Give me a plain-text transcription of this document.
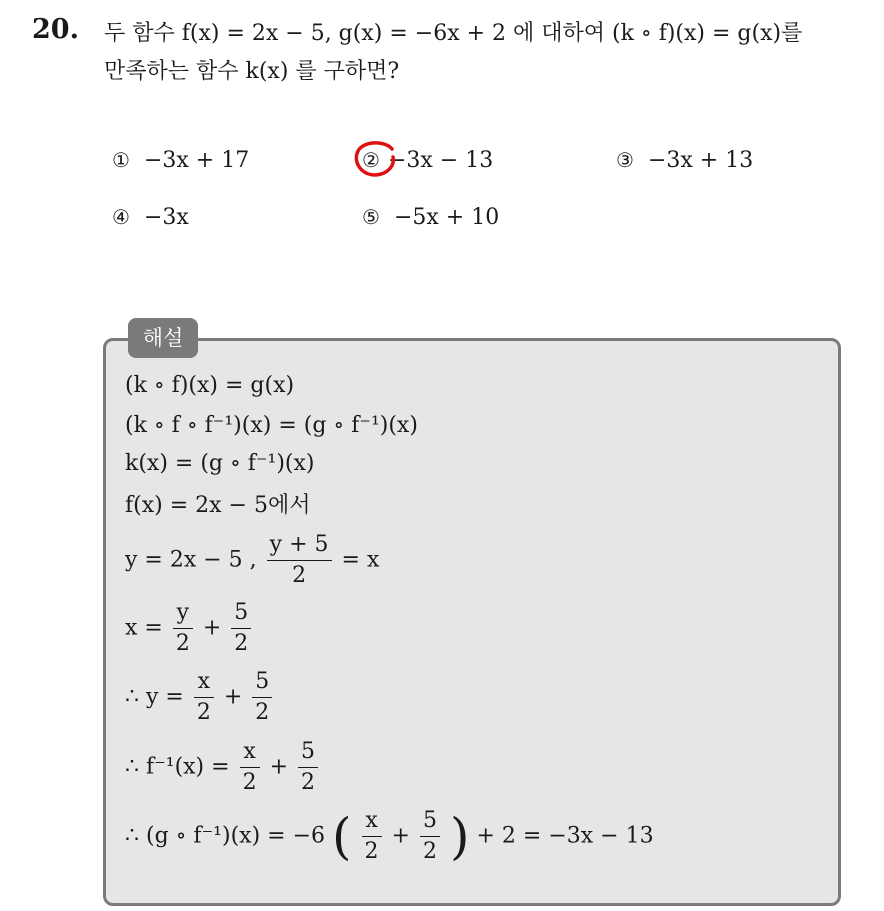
20. 두 함수 f(x) = 2x − 5, g(x) = −6x + 2 에 대하여 (k ∘ f)(x) = g(x)를
만족하는 함수 k(x) 를 구하면?
① −3x + 17	② −3x − 13	③ −3x + 13
④ −3x	⑤ −5x + 10
해설
(k ∘ f)(x) = g(x)
(k ∘ f ∘ f⁻¹)(x) = (g ∘ f⁻¹)(x)
k(x) = (g ∘ f⁻¹)(x)
f(x) = 2x − 5에서
y = 2x − 5 , $\frac{y + 5}{2} = x$
$x = \frac{y}{2} + \frac{5}{2}$
∴ $y = \frac{x}{2} + \frac{5}{2}$
∴ $f^{-1}(x) = \frac{x}{2} + \frac{5}{2}$
∴ (g ∘ f⁻¹)(x) = −6 ( $\frac{x}{2} + \frac{5}{2}$ ) + 2 = −3x − 13
